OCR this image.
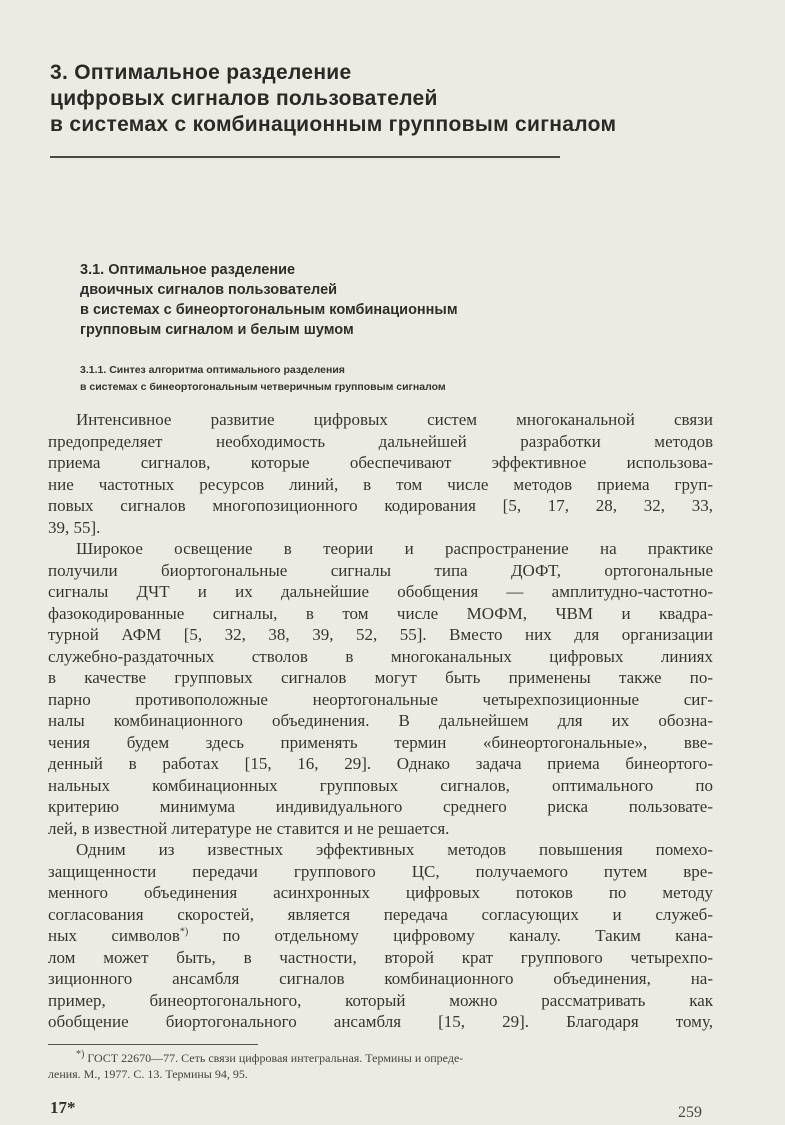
3. Оптимальное разделение
цифровых сигналов пользователей
в системах с комбинационным групповым сигналом
3.1. Оптимальное разделение
двоичных сигналов пользователей
в системах с бинеортогональным комбинационным
групповым сигналом и белым шумом
3.1.1. Синтез алгоритма оптимального разделения
в системах с бинеортогональным четверичным групповым сигналом

Интенсивное развитие цифровых систем многоканальной связи
предопределяет необходимость дальнейшей разработки методов
приема сигналов, которые обеспечивают эффективное использова-
ние частотных ресурсов линий, в том числе методов приема груп-
повых сигналов многопозиционного кодирования [5, 17, 28, 32, 33,
39, 55].

Широкое освещение в теории и распространение на практике
получили биортогональные сигналы типа ДОФТ, ортогональные
сигналы ДЧТ и их дальнейшие обобщения — амплитудно-частотно-
фазокодированные сигналы, в том числе МОФМ, ЧВМ и квадра-
турной АФМ [5, 32, 38, 39, 52, 55]. Вместо них для организации
служебно-раздаточных стволов в многоканальных цифровых линиях
в качестве групповых сигналов могут быть применены также по-
парно противоположные неортогональные четырехпозиционные сиг-
налы комбинационного объединения. В дальнейшем для их обозна-
чения будем здесь применять термин «бинеортогональные», вве-
денный в работах [15, 16, 29]. Однако задача приема бинеортого-
нальных комбинационных групповых сигналов, оптимального по
критерию минимума индивидуального среднего риска пользовате-
лей, в известной литературе не ставится и не решается.

Одним из известных эффективных методов повышения помехо-
защищенности передачи группового ЦС, получаемого путем вре-
менного объединения асинхронных цифровых потоков по методу
согласования скоростей, является передача согласующих и служеб-
ных символов*) по отдельному цифровому каналу. Таким кана-
лом может быть, в частности, второй крат группового четырехпо-
зиционного ансамбля сигналов комбинационного объединения, на-
пример, бинеортогонального, который можно рассматривать как
обобщение биортогонального ансамбля [15, 29]. Благодаря тому,

*) ГОСТ 22670—77. Сеть связи цифровая интегральная. Термины и опреде-
ления. М., 1977. С. 13. Термины 94, 95.
17*	259
